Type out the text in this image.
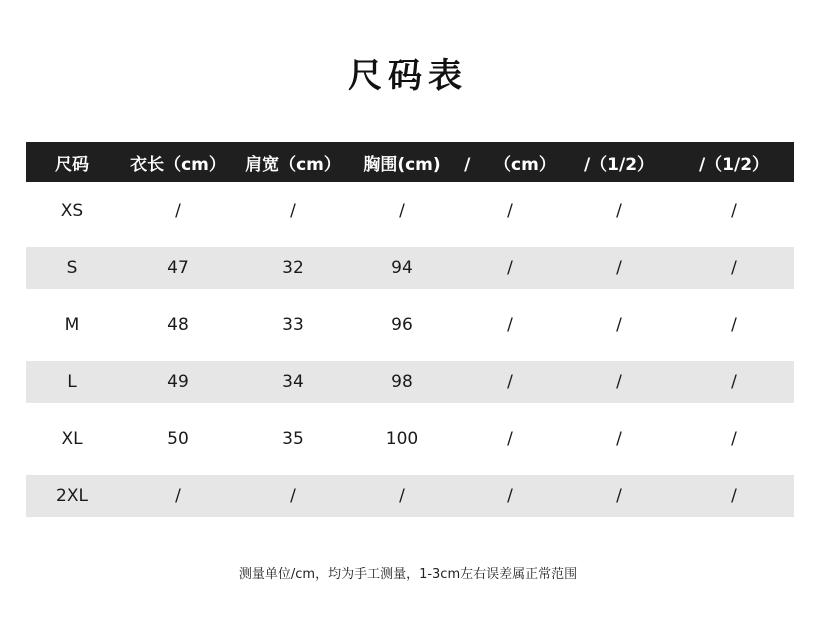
尺码表
尺码	衣长（cm）	肩宽（cm）	胸围(cm)	/ （cm）	/（1/2）	/（1/2）
XS	/	/	/	/	/	/
S	47	32	94	/	/	/
M	48	33	96	/	/	/
L	49	34	98	/	/	/
XL	50	35	100	/	/	/
2XL	/	/	/	/	/	/
测量单位/cm，均为手工测量，1-3cm左右误差属正常范围
